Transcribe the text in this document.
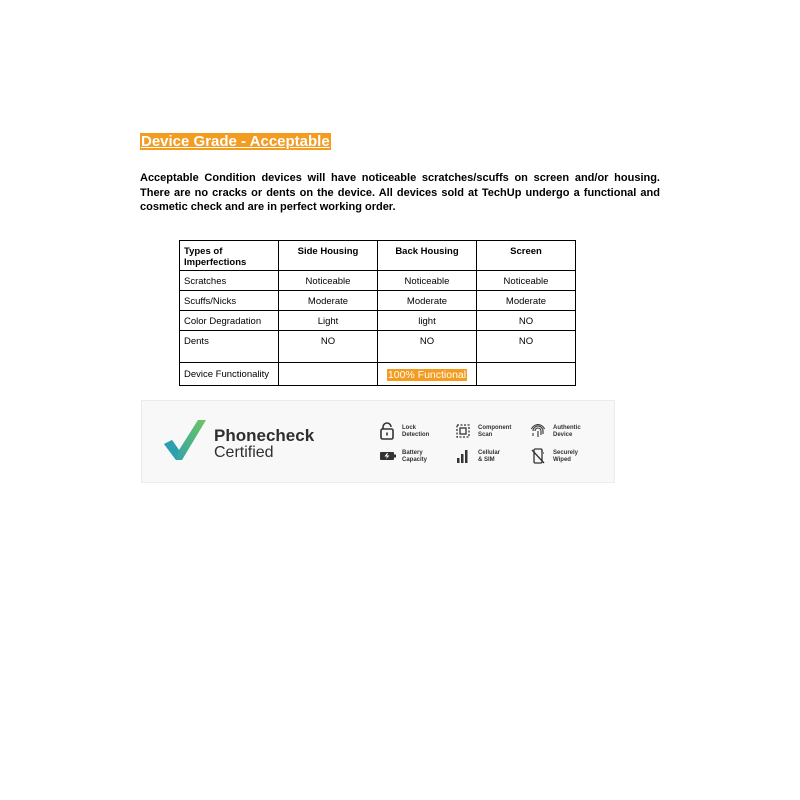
Device Grade - Acceptable

Acceptable Condition devices will have noticeable scratches/scuffs on screen and/or housing. There are no cracks or dents on the device. All devices sold at TechUp undergo a functional and cosmetic check and are in perfect working order.

Types of Imperfections	Side Housing	Back Housing	Screen
Scratches	Noticeable	Noticeable	Noticeable
Scuffs/Nicks	Moderate	Moderate	Moderate
Color Degradation	Light	light	NO
Dents	NO	NO	NO
Device Functionality		100% Functional	
Phonecheck
Certified
Lock
Detection
Component
Scan
Authentic
Device
Battery
Capacity
Cellular
& SIM
Securely
Wiped
